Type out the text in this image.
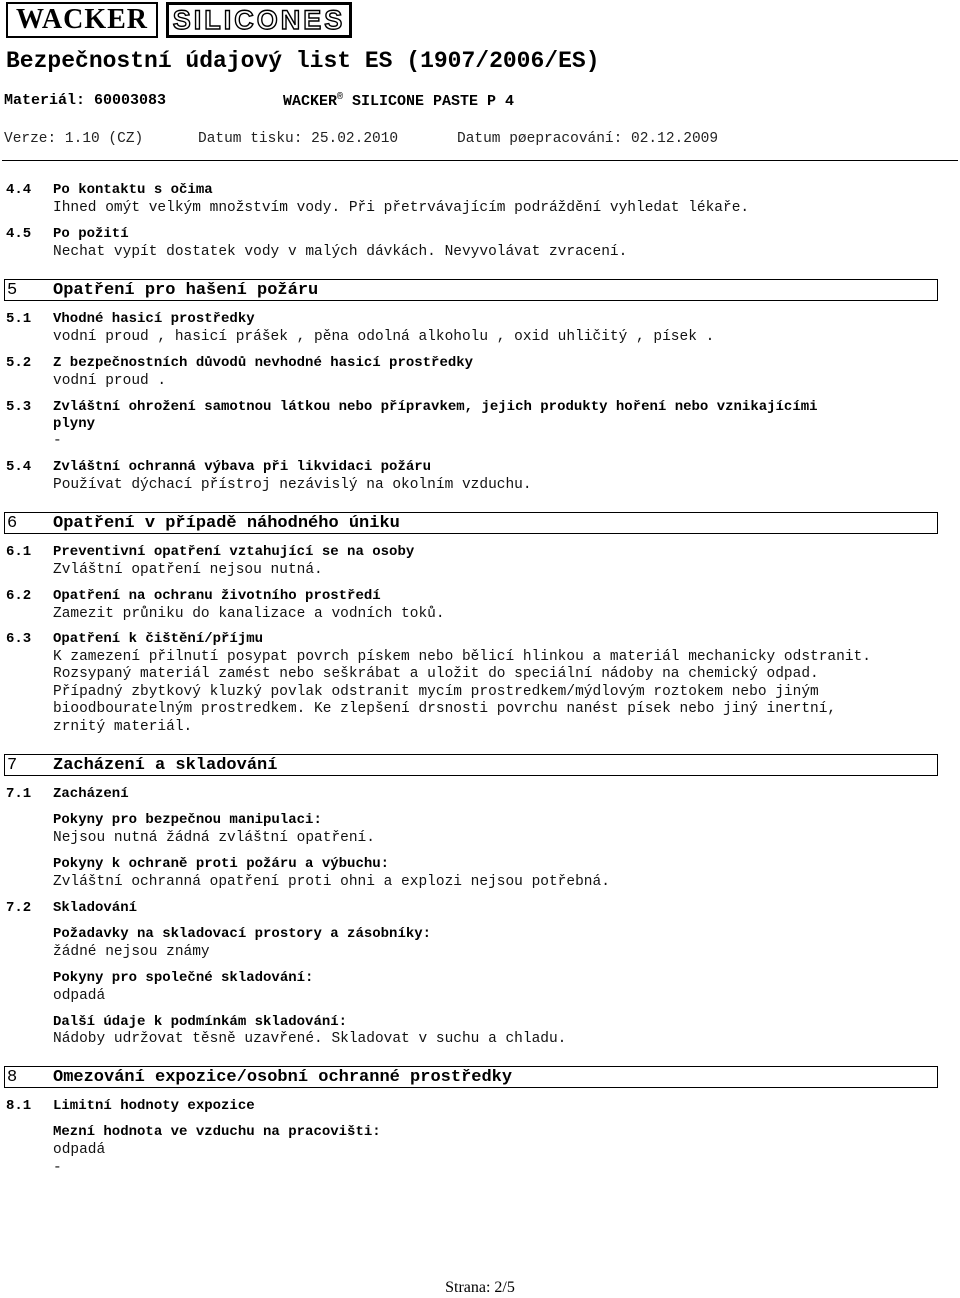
WACKER SILICONES
Bezpečnostní údajový list ES (1907/2006/ES)
Materiál: 60003083	WACKER® SILICONE PASTE P 4
Verze: 1.10 (CZ)	Datum tisku: 25.02.2010	Datum pøepracování: 02.12.2009
4.4 Po kontaktu s očima
Ihned omýt velkým množstvím vody. Při přetrvávajícím podráždění vyhledat lékaře.
4.5 Po požití
Nechat vypít dostatek vody v malých dávkách. Nevyvolávat zvracení.
5 Opatření pro hašení požáru
5.1 Vhodné hasicí prostředky
vodní proud , hasicí prášek , pěna odolná alkoholu , oxid uhličitý , písek .
5.2 Z bezpečnostních důvodů nevhodné hasicí prostředky
vodní proud .
5.3 Zvláštní ohrožení samotnou látkou nebo přípravkem, jejich produkty hoření nebo vznikajícími
plyny
-
5.4 Zvláštní ochranná výbava při likvidaci požáru
Používat dýchací přístroj nezávislý na okolním vzduchu.
6 Opatření v případě náhodného úniku
6.1 Preventivní opatření vztahující se na osoby
Zvláštní opatření nejsou nutná.
6.2 Opatření na ochranu životního prostředí
Zamezit průniku do kanalizace a vodních toků.
6.3 Opatření k čištění/příjmu
K zamezení přilnutí posypat povrch pískem nebo bělicí hlinkou a materiál mechanicky odstranit.
Rozsypaný materiál zamést nebo seškrábat a uložit do speciální nádoby na chemický odpad.
Případný zbytkový kluzký povlak odstranit mycím prostredkem/mýdlovým roztokem nebo jiným
bioodbouratelným prostredkem. Ke zlepšení drsnosti povrchu nanést písek nebo jiný inertní,
zrnitý materiál.
7 Zacházení a skladování
7.1 Zacházení
Pokyny pro bezpečnou manipulaci:
Nejsou nutná žádná zvláštní opatření.
Pokyny k ochraně proti požáru a výbuchu:
Zvláštní ochranná opatření proti ohni a explozi nejsou potřebná.
7.2 Skladování
Požadavky na skladovací prostory a zásobníky:
žádné nejsou známy
Pokyny pro společné skladování:
odpadá
Další údaje k podmínkám skladování:
Nádoby udržovat těsně uzavřené. Skladovat v suchu a chladu.
8 Omezování expozice/osobní ochranné prostředky
8.1 Limitní hodnoty expozice
Mezní hodnota ve vzduchu na pracovišti:
odpadá
-
Strana: 2/5
